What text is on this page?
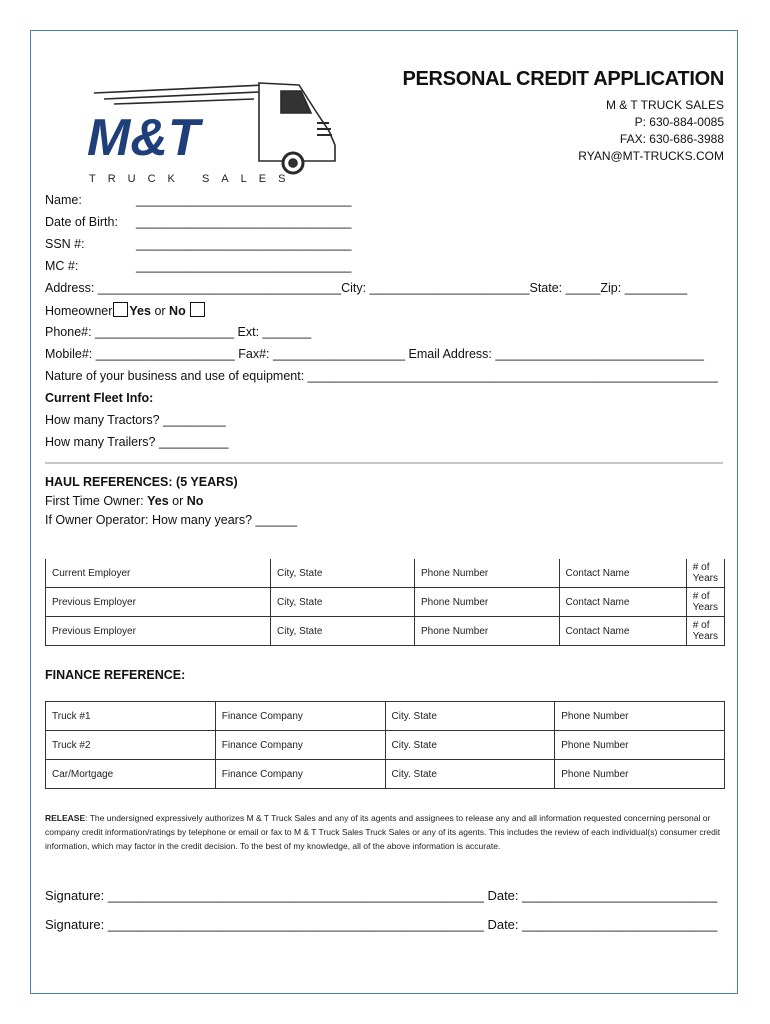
M&T
TRUCK SALES
PERSONAL CREDIT APPLICATION
M & T TRUCK SALES
P: 630-884-0085
FAX: 630-686-3988
RYAN@MT-TRUCKS.COM
Name:	_______________________________
Date of Birth: _______________________________
SSN #:	_______________________________
MC #:	_______________________________
Address: ___________________________________City: _______________________State: _____Zip: _________
Homeowner Yes or No
Phone#: ____________________ Ext: _______
Mobile#: ____________________ Fax#: ___________________ Email Address: ______________________________
Nature of your business and use of equipment: ___________________________________________________________
Current Fleet Info:
How many Tractors? _________
How many Trailers? __________
HAUL REFERENCES: (5 YEARS)
First Time Owner: Yes or No
If Owner Operator: How many years? ______
Current Employer	City, State	Phone Number	Contact Name	# of Years
Previous Employer	City, State	Phone Number	Contact Name	# of Years
Previous Employer	City, State	Phone Number	Contact Name	# of Years
FINANCE REFERENCE:
Truck #1	Finance Company	City. State	Phone Number
Truck #2	Finance Company	City. State	Phone Number
Car/Mortgage	Finance Company	City. State	Phone Number
RELEASE: The undersigned expressively authorizes M & T Truck Sales and any of its agents and assignees to release any and all information requested concerning personal or company credit information/ratings by telephone or email or fax to M & T Truck Sales Truck Sales or any of its agents. This includes the review of each individual(s) consumer credit information, which may factor in the credit decision. To the best of my knowledge, all of the above information is accurate.
Signature: ____________________________________________________ Date: ___________________________
Signature: ____________________________________________________ Date: ___________________________
